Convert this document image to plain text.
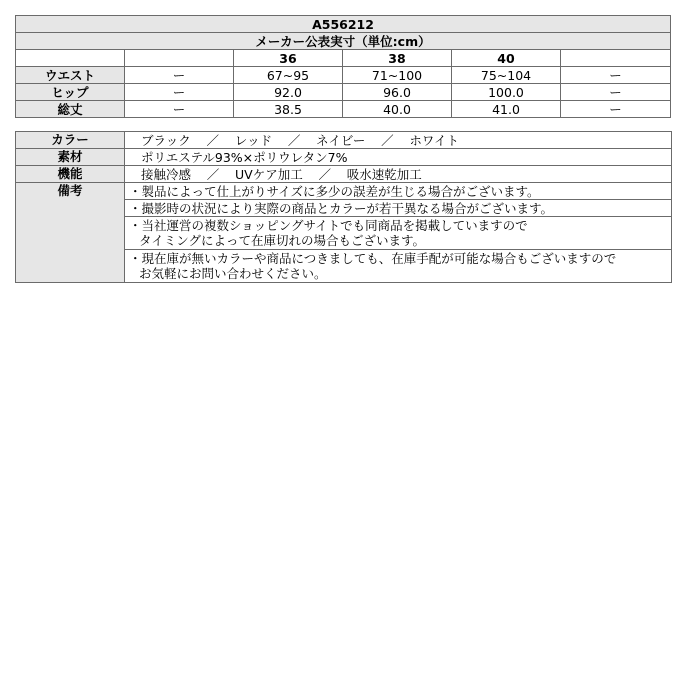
A556212					
メーカー公表実寸（単位:cm）					
		36	38	40	
ウエスト	ー	67~95	71~100	75~104	ー
ヒップ	ー	92.0	96.0	100.0	ー
総丈	ー	38.5	40.0	41.0	ー
カラー	ブラック ／ レッド ／ ネイビー ／ ホワイト
素材	ポリエステル93%×ポリウレタン7%
機能	接触冷感 ／ UVケア加工 ／ 吸水速乾加工
備考	・製品によって仕上がりサイズに多少の誤差が生じる場合がございます。

	・撮影時の状況により実際の商品とカラーが若干異なる場合がございます。

	・当社運営の複数ショッピングサイトでも同商品を掲載していますので
タイミングによって在庫切れの場合もございます。

	・現在庫が無いカラーや商品につきましても、在庫手配が可能な場合もございますので
お気軽にお問い合わせください。
